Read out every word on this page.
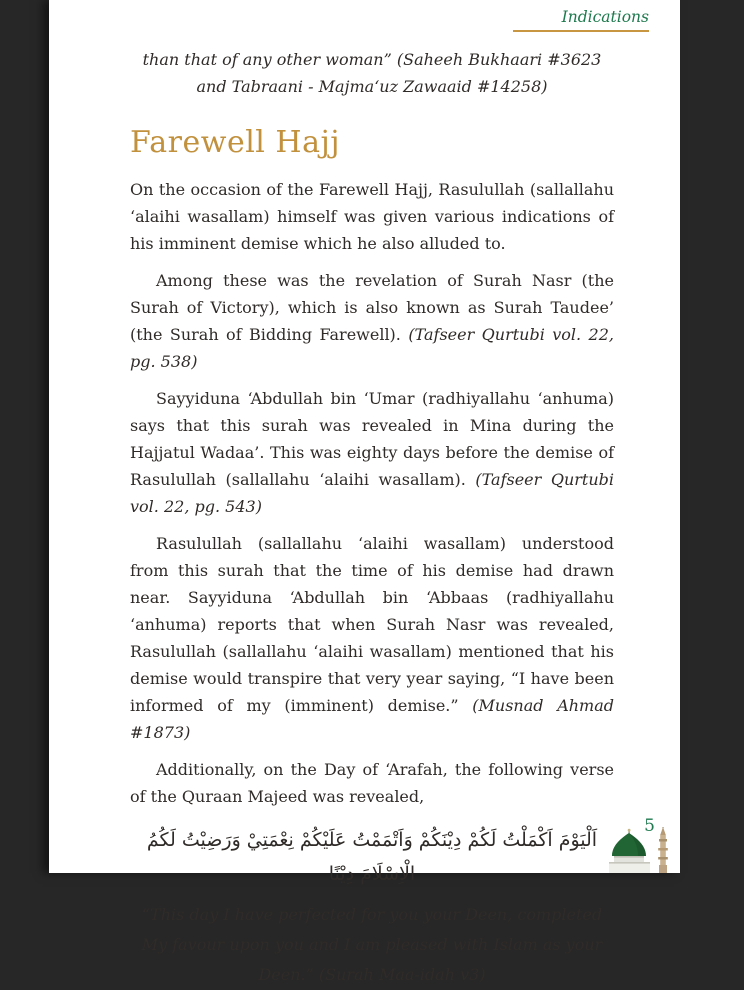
Indications

than that of any other woman” (Saheeh Bukhaari #3623 and Tabraani - Majma‘uz Zawaaid #14258)

Farewell Hajj

On the occasion of the Farewell Hajj, Rasulullah (sallallahu ‘alaihi wasallam) himself was given various indications of his imminent demise which he also alluded to.

Among these was the revelation of Surah Nasr (the Surah of Victory), which is also known as Surah Taudee’ (the Surah of Bidding Farewell). (Tafseer Qurtubi vol. 22, pg. 538)

Sayyiduna ‘Abdullah bin ‘Umar (radhiyallahu ‘anhuma) says that this surah was revealed in Mina during the Hajjatul Wadaa’. This was eighty days before the demise of Rasulullah (sallallahu ‘alaihi wasallam). (Tafseer Qurtubi vol. 22, pg. 543)

Rasulullah (sallallahu ‘alaihi wasallam) understood from this surah that the time of his demise had drawn near. Sayyiduna ‘Abdullah bin ‘Abbaas (radhiyallahu ‘anhuma) reports that when Surah Nasr was revealed, Rasulullah (sallallahu ‘alaihi wasallam) mentioned that his demise would transpire that very year saying, “I have been informed of my (imminent) demise.” (Musnad Ahmad #1873)

Additionally, on the Day of ‘Arafah, the following verse of the Quraan Majeed was revealed,

اَلْيَوْمَ اَكْمَلْتُ لَكُمْ دِيْنَكُمْ وَاَتْمَمْتُ عَلَيْكُمْ نِعْمَتِيْ وَرَضِيْتُ لَكُمُ الْاِسْلَامَ دِيْنًا

“This day I have perfected for you your Deen, completed My favour upon you and I am pleased with Islam as your Deen.” (Surah Maa-idah v3)

5
